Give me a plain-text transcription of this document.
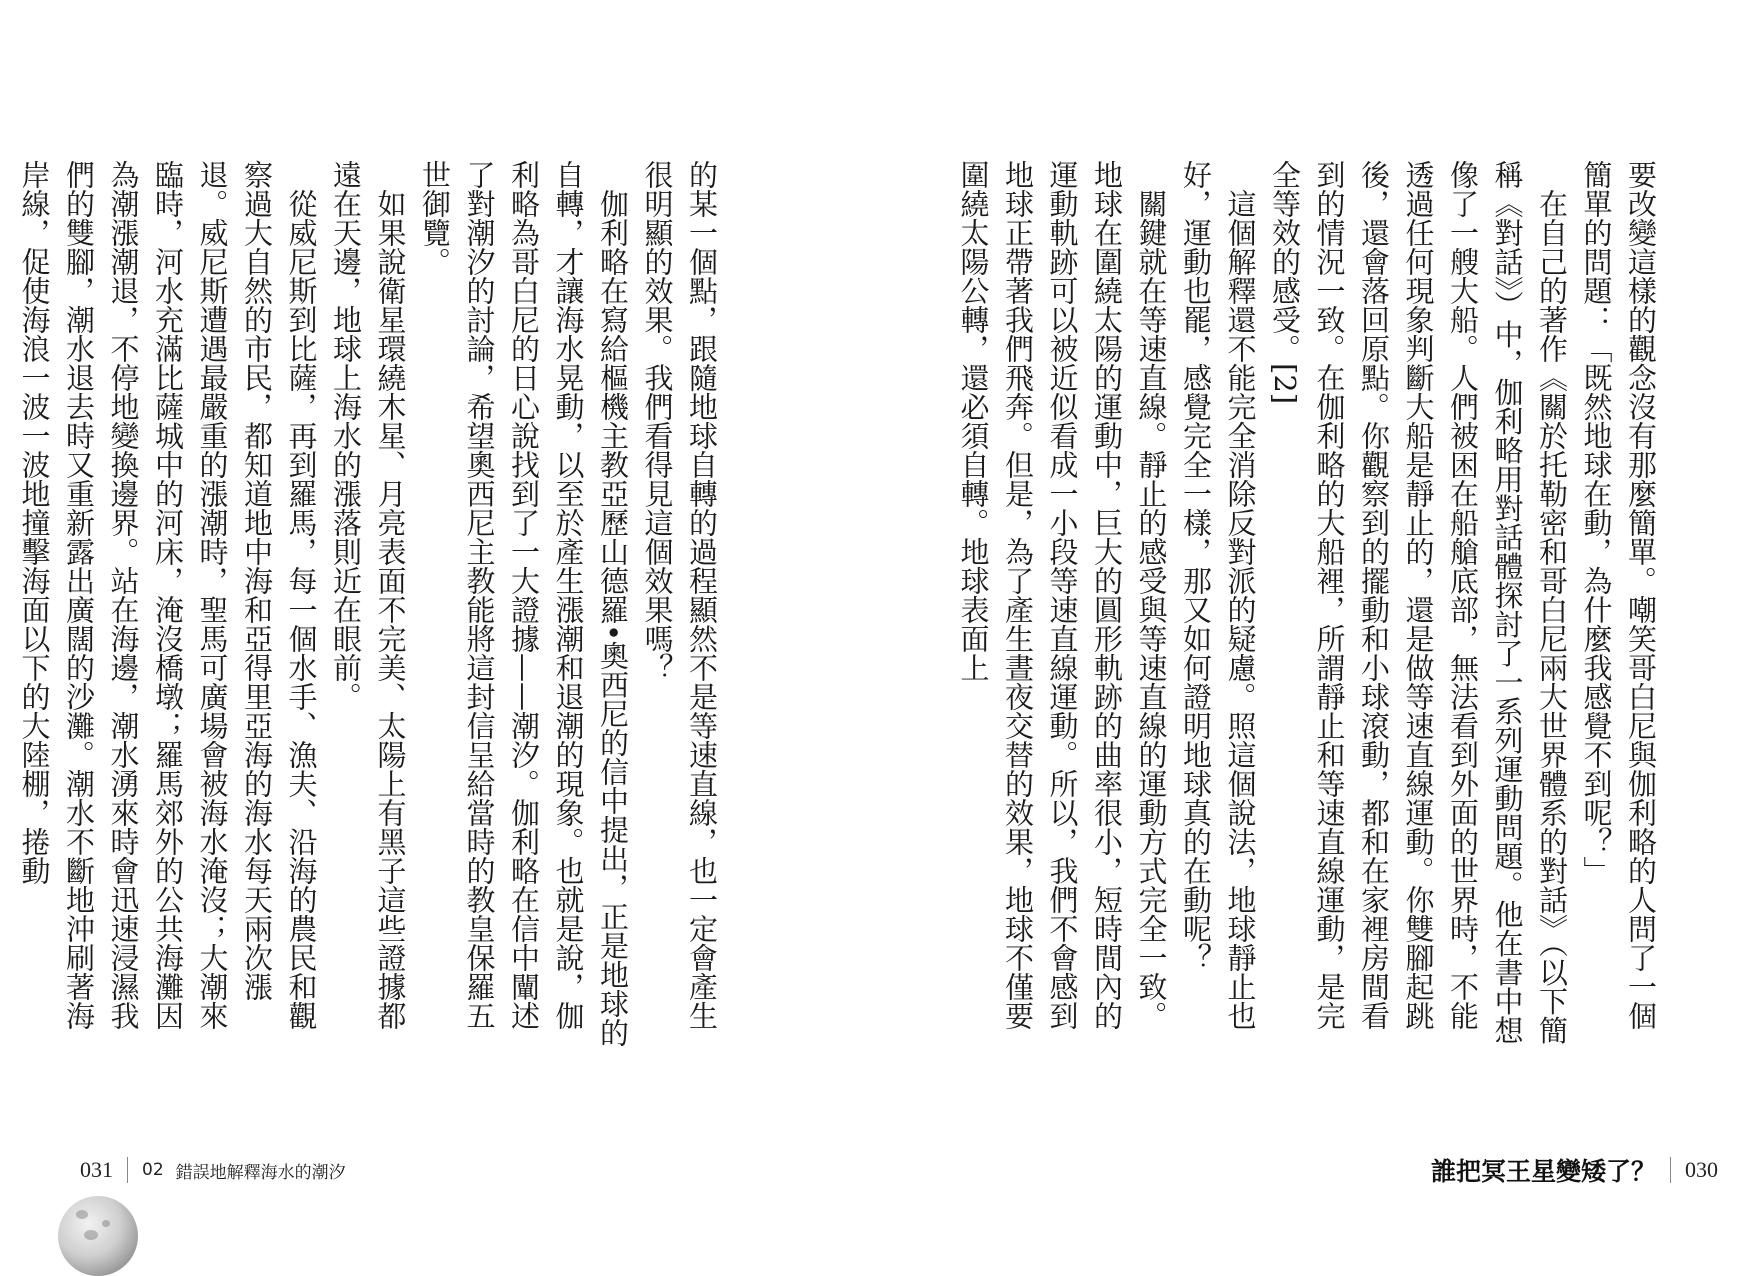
的某一個點，跟隨地球自轉的過程顯然不是等速直線，也一定會產生很明顯的效果。我們看得見這個效果嗎？

伽利略在寫給樞機主教亞歷山德羅•奧西尼的信中提出，正是地球的自轉，才讓海水晃動，以至於產生漲潮和退潮的現象。也就是說，伽利略為哥白尼的日心說找到了一大證據——潮汐。伽利略在信中闡述了對潮汐的討論，希望奧西尼主教能將這封信呈給當時的教皇保羅五世御覽。

如果說衛星環繞木星、月亮表面不完美、太陽上有黑子這些證據都遠在天邊，地球上海水的漲落則近在眼前。

從威尼斯到比薩，再到羅馬，每一個水手、漁夫、沿海的農民和觀察過大自然的市民，都知道地中海和亞得里亞海的海水每天兩次漲退。威尼斯遭遇最嚴重的漲潮時，聖馬可廣場會被海水淹沒；大潮來臨時，河水充滿比薩城中的河床，淹沒橋墩；羅馬郊外的公共海灘因為潮漲潮退，不停地變換邊界。站在海邊，潮水湧來時會迅速浸濕我們的雙腳，潮水退去時又重新露出廣闊的沙灘。潮水不斷地沖刷著海岸線，促使海浪一波一波地撞擊海面以下的大陸棚，捲動

031 02 錯誤地解釋海水的潮汐

要改變這樣的觀念沒有那麼簡單。嘲笑哥白尼與伽利略的人問了一個簡單的問題：「既然地球在動，為什麼我感覺不到呢？」

在自己的著作《關於托勒密和哥白尼兩大世界體系的對話》（以下簡稱《對話》）中，伽利略用對話體探討了一系列運動問題。他在書中想像了一艘大船。人們被困在船艙底部，無法看到外面的世界時，不能透過任何現象判斷大船是靜止的，還是做等速直線運動。你雙腳起跳後，還會落回原點。你觀察到的擺動和小球滾動，都和在家裡房間看到的情況一致。在伽利略的大船裡，所謂靜止和等速直線運動，是完全等效的感受。[2]

這個解釋還不能完全消除反對派的疑慮。照這個說法，地球靜止也好，運動也罷，感覺完全一樣，那又如何證明地球真的在動呢？

關鍵就在等速直線。靜止的感受與等速直線的運動方式完全一致。地球在圍繞太陽的運動中，巨大的圓形軌跡的曲率很小，短時間內的運動軌跡可以被近似看成一小段等速直線運動。所以，我們不會感到地球正帶著我們飛奔。但是，為了產生晝夜交替的效果，地球不僅要圍繞太陽公轉，還必須自轉。地球表面上

誰把冥王星變矮了？ 030
